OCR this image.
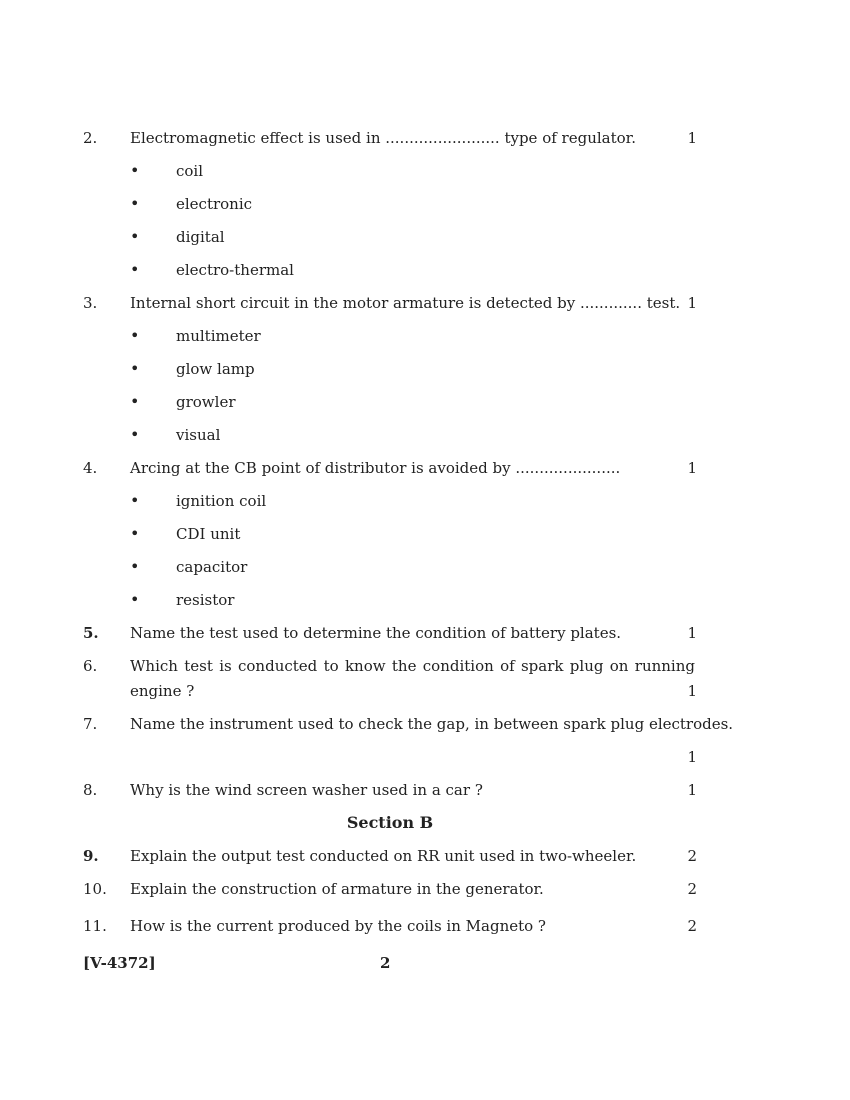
2.	Electromagnetic effect is used in ........................ type of regulator.	1
•	coil
•	electronic
•	digital
•	electro-thermal
3.	Internal short circuit in the motor armature is detected by ............. test. 1
•	multimeter
•	glow lamp
•	growler
•	visual
4.	Arcing at the CB point of distributor is avoided by ......................	1
•	ignition coil
•	CDI unit
•	capacitor
•	resistor
5.	Name the test used to determine the condition of battery plates.	1
6.	Which test is conducted to know the condition of spark plug on running
engine ?	1
7.	Name the instrument used to check the gap, in between spark plug electrodes.
1
8.	Why is the wind screen washer used in a car ?	1
Section B
9.	Explain the output test conducted on RR unit used in two-wheeler.	2
10.	Explain the construction of armature in the generator.	2
11.	How is the current produced by the coils in Magneto ?	2
[V-4372]	2
